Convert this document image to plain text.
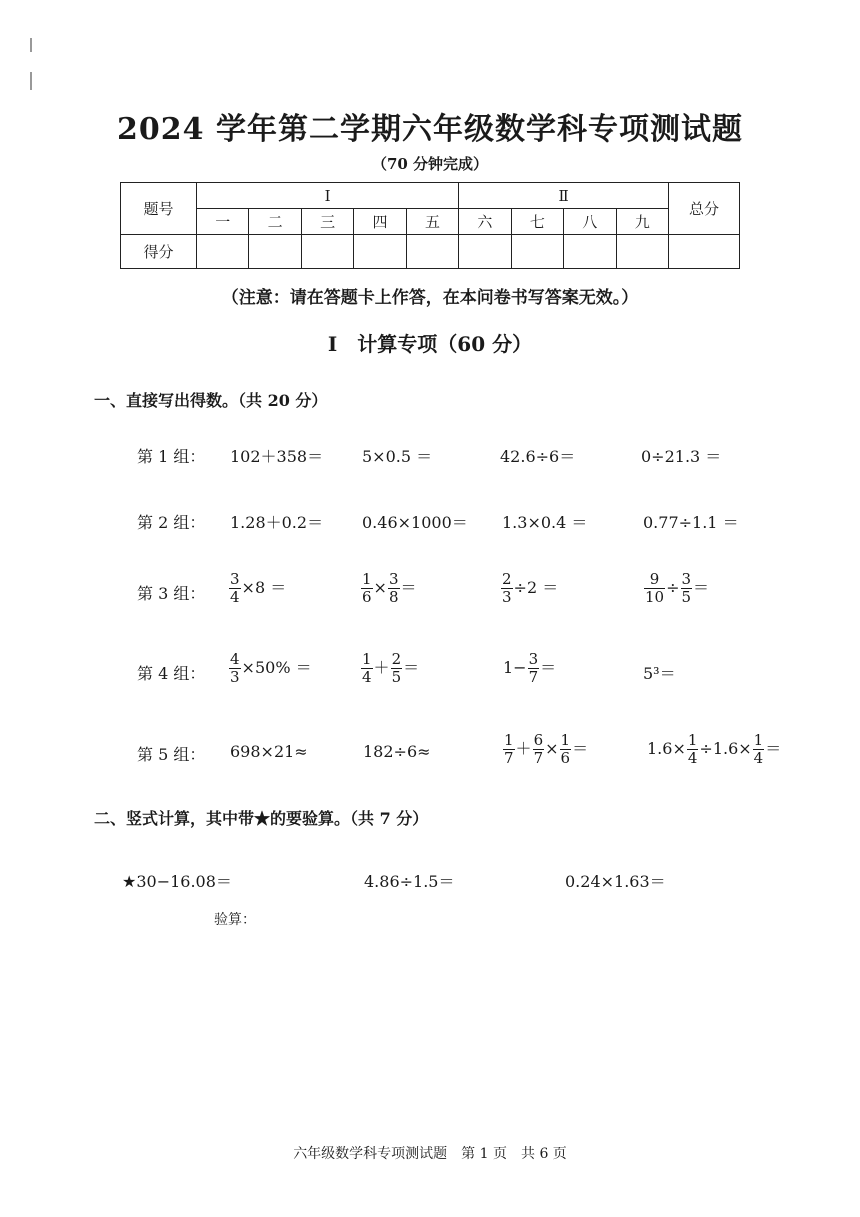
2024 学年第二学期六年级数学科专项测试题
（70 分钟完成）
题号	Ⅰ					Ⅱ				总分
	一	二	三	四	五	六	七	八	九	
得分										
（注意：请在答题卡上作答，在本问卷书写答案无效。）
Ⅰ　计算专项（60 分）
一、直接写出得数。（共 20 分）
第 1 组： 102＋358＝ 5×0.5 ＝	42.6÷6＝	0÷21.3 ＝
第 2 组： 1.28＋0.2＝ 0.46×1000＝ 1.3×0.4 ＝	0.77÷1.1 ＝
第 3 组： $\frac{3}{4} \times 8$ ＝	$\frac{1}{6} \times \frac{3}{8}$ ＝	$\frac{2}{3} \div 2$ ＝	$\frac{9}{10} \div \frac{3}{5}$ ＝
第 4 组： $\frac{4}{3} \times 50\%$ ＝	$\frac{1}{4} + \frac{2}{5}$ ＝	$1- \frac{3}{7}$ ＝	5³＝
第 5 组： 698×21≈	182÷6≈	$\frac{1}{7} + \frac{6}{7} \times \frac{1}{6}$ ＝	$1.6\times \frac{1}{4} \div 1.6\times \frac{1}{4}$ ＝
二、竖式计算，其中带★的要验算。（共 7 分）
★30−16.08＝	4.86÷1.5＝	0.24×1.63＝
验算：
六年级数学科专项测试题　第 1 页　共 6 页
